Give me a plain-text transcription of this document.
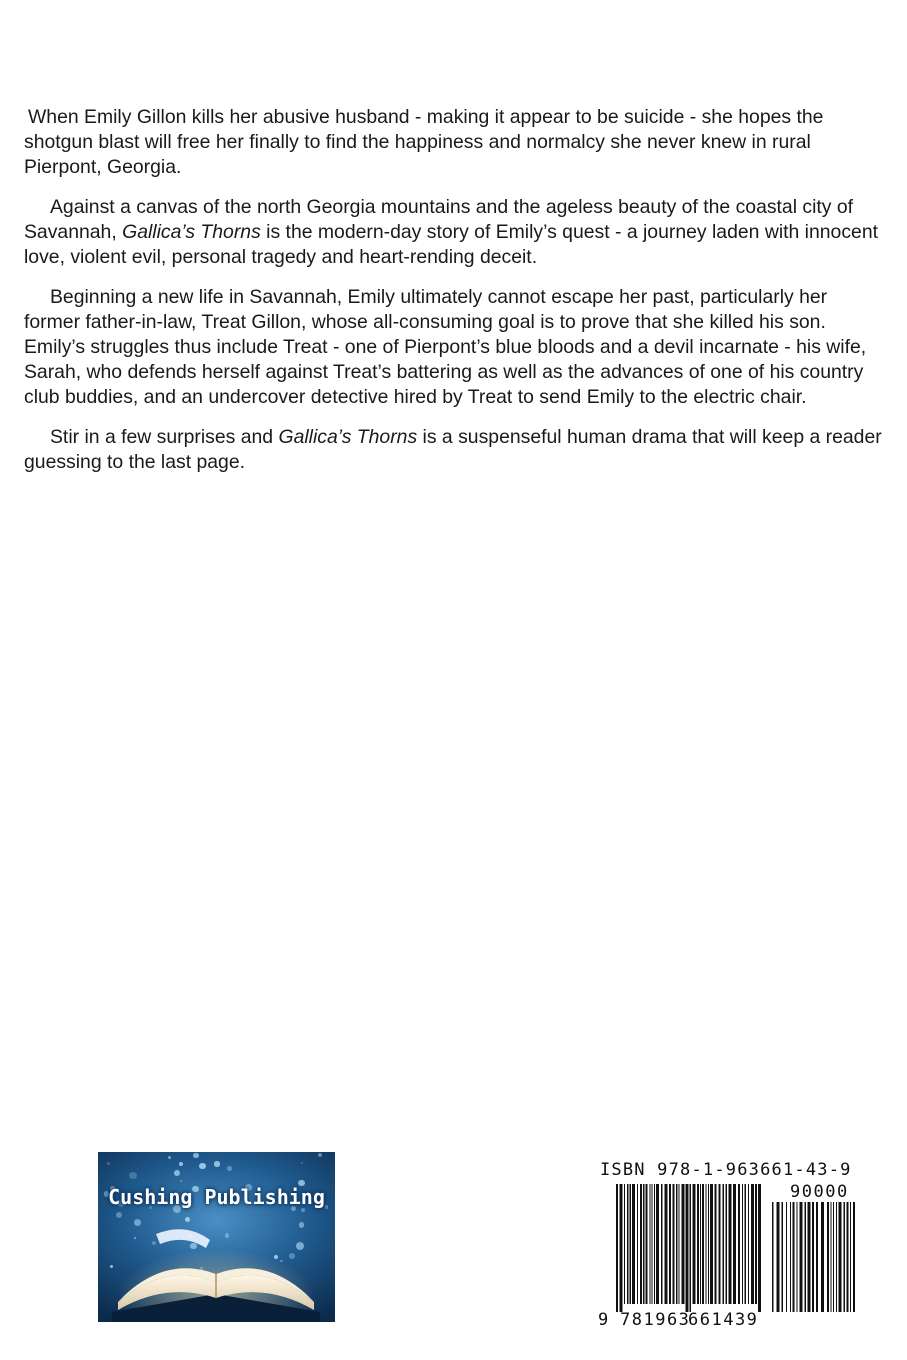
When Emily Gillon kills her abusive husband - making it appear to be suicide - she hopes the shotgun blast will free her finally to find the happiness and normalcy she never knew in rural Pierpont, Georgia.

Against a canvas of the north Georgia mountains and the ageless beauty of the coastal city of Savannah, Gallica’s Thorns is the modern-day story of Emily’s quest - a journey laden with innocent love, violent evil, personal tragedy and heart-rending deceit.

Beginning a new life in Savannah, Emily ultimately cannot escape her past, particularly her former father-in-law, Treat Gillon, whose all-consuming goal is to prove that she killed his son. Emily’s struggles thus include Treat - one of Pierpont’s blue bloods and a devil incarnate - his wife, Sarah, who defends herself against Treat’s battering as well as the advances of one of his country club buddies, and an undercover detective hired by Treat to send Emily to the electric chair.

Stir in a few surprises and Gallica’s Thorns is a suspenseful human drama that will keep a reader guessing to the last page.

Cushing Publishing
ISBN 978-1-963661-43-9
9 781963
661439
90000
